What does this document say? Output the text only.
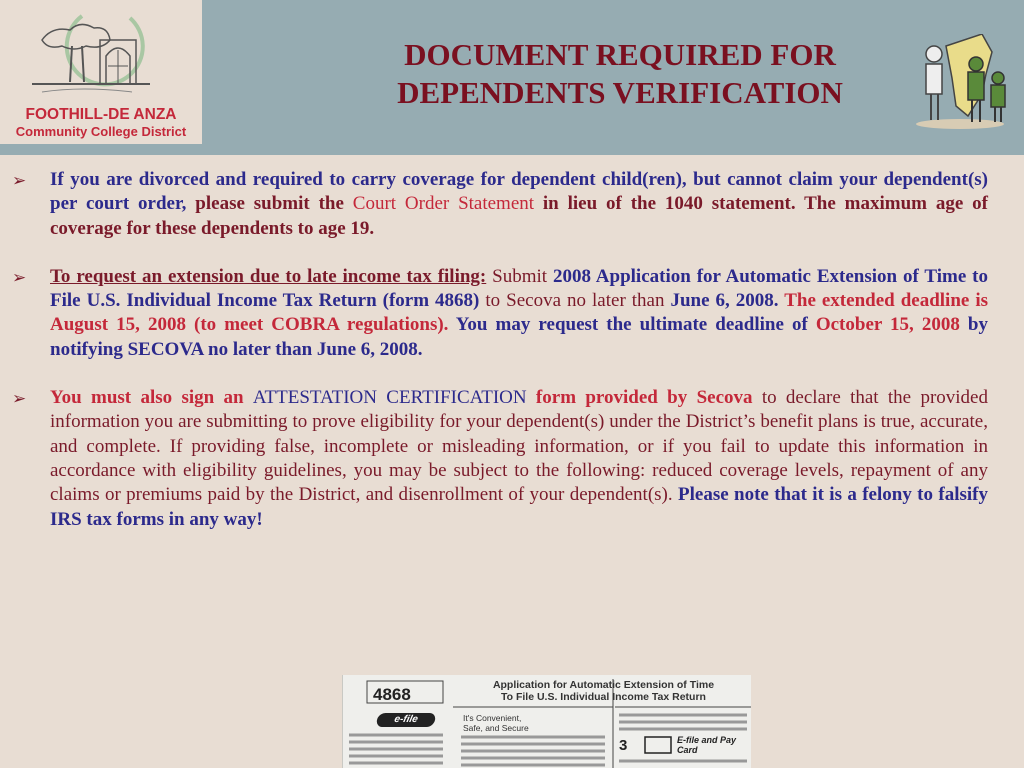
FOOTHILL-DE ANZA
Community College District
DOCUMENT REQUIRED FOR
DEPENDENTS VERIFICATION
➢ If you are divorced and required to carry coverage for dependent child(ren), but cannot claim your dependent(s) per court order, please submit the Court Order Statement in lieu of the 1040 statement. The maximum age of coverage for these dependents to age 19.
➢ To request an extension due to late income tax filing: Submit 2008 Application for Automatic Extension of Time to File U.S. Individual Income Tax Return (form 4868) to Secova no later than June 6, 2008. The extended deadline is August 15, 2008 (to meet COBRA regulations). You may request the ultimate deadline of October 15, 2008 by notifying SECOVA no later than June 6, 2008.
➢ You must also sign an ATTESTATION CERTIFICATION form provided by Secova to declare that the provided information you are submitting to prove eligibility for your dependent(s) under the District’s benefit plans is true, accurate, and complete. If providing false, incomplete or misleading information, or if you fail to update this information in accordance with eligibility guidelines, you may be subject to the following: reduced coverage levels, repayment of any claims or premiums paid by the District, and disenrollment of your dependent(s). Please note that it is a felony to falsify IRS tax forms in any way!
4868	Application for Automatic Extension of Time
To File U.S. Individual Income Tax Return
e-file	It's Convenient,
Safe, and Secure
3	E-file and Pay
Card
